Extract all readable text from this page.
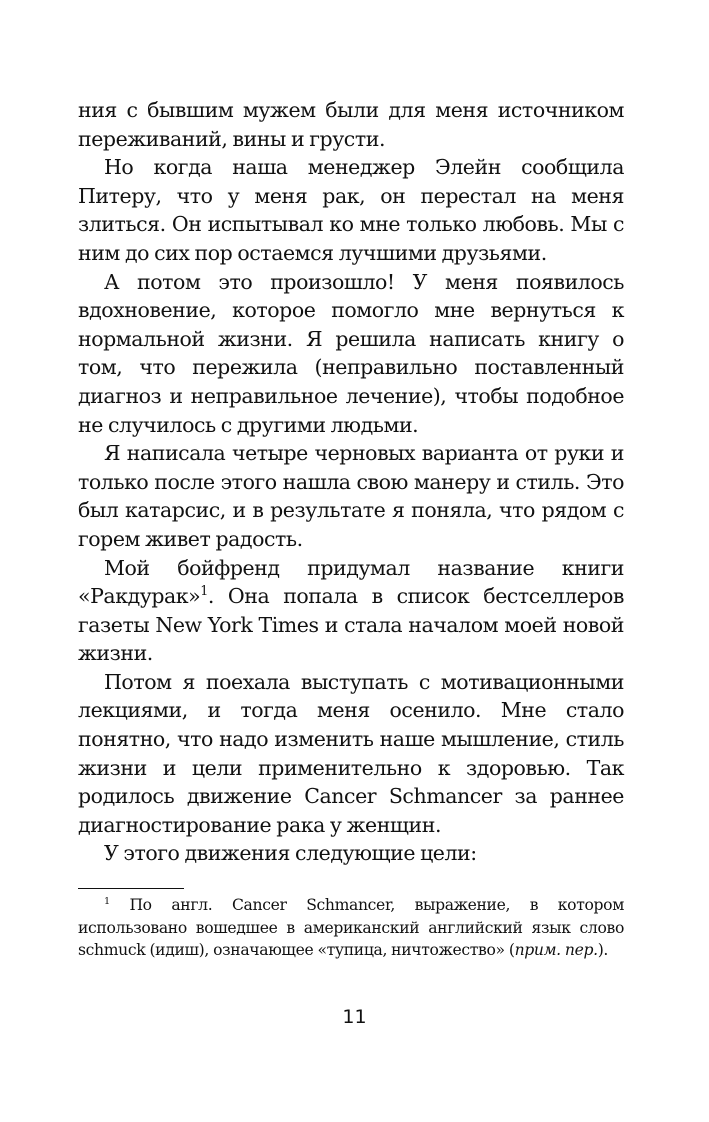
ния с бывшим мужем были для меня источником переживаний, вины и грусти.

Но когда наша менеджер Элейн сообщила Питеру, что у меня рак, он перестал на меня злиться. Он испытывал ко мне только любовь. Мы с ним до сих пор остаемся лучшими друзьями.

А потом это произошло! У меня появилось вдохновение, которое помогло мне вернуться к нормальной жизни. Я решила написать книгу о том, что пережила (неправильно поставленный диагноз и неправильное лечение), чтобы подобное не случилось с другими людьми.

Я написала четыре черновых варианта от руки и только после этого нашла свою манеру и стиль. Это был катарсис, и в результате я поняла, что рядом с горем живет радость.

Мой бойфренд придумал название книги «Ракдурак»$^1$. Она попала в список бестселлеров газеты New York Times и стала началом моей новой жизни.

Потом я поехала выступать с мотивационными лекциями, и тогда меня осенило. Мне стало понятно, что надо изменить наше мышление, стиль жизни и цели применительно к здоровью. Так родилось движение Cancer Schmancer за раннее диагностирование рака у женщин.

У этого движения следующие цели:

$^1$ По англ. Cancer Schmancer, выражение, в котором использовано вошедшее в американский английский язык слово schmuck (идиш), означающее «тупица, ничтожество» (прим. пер.).

11
